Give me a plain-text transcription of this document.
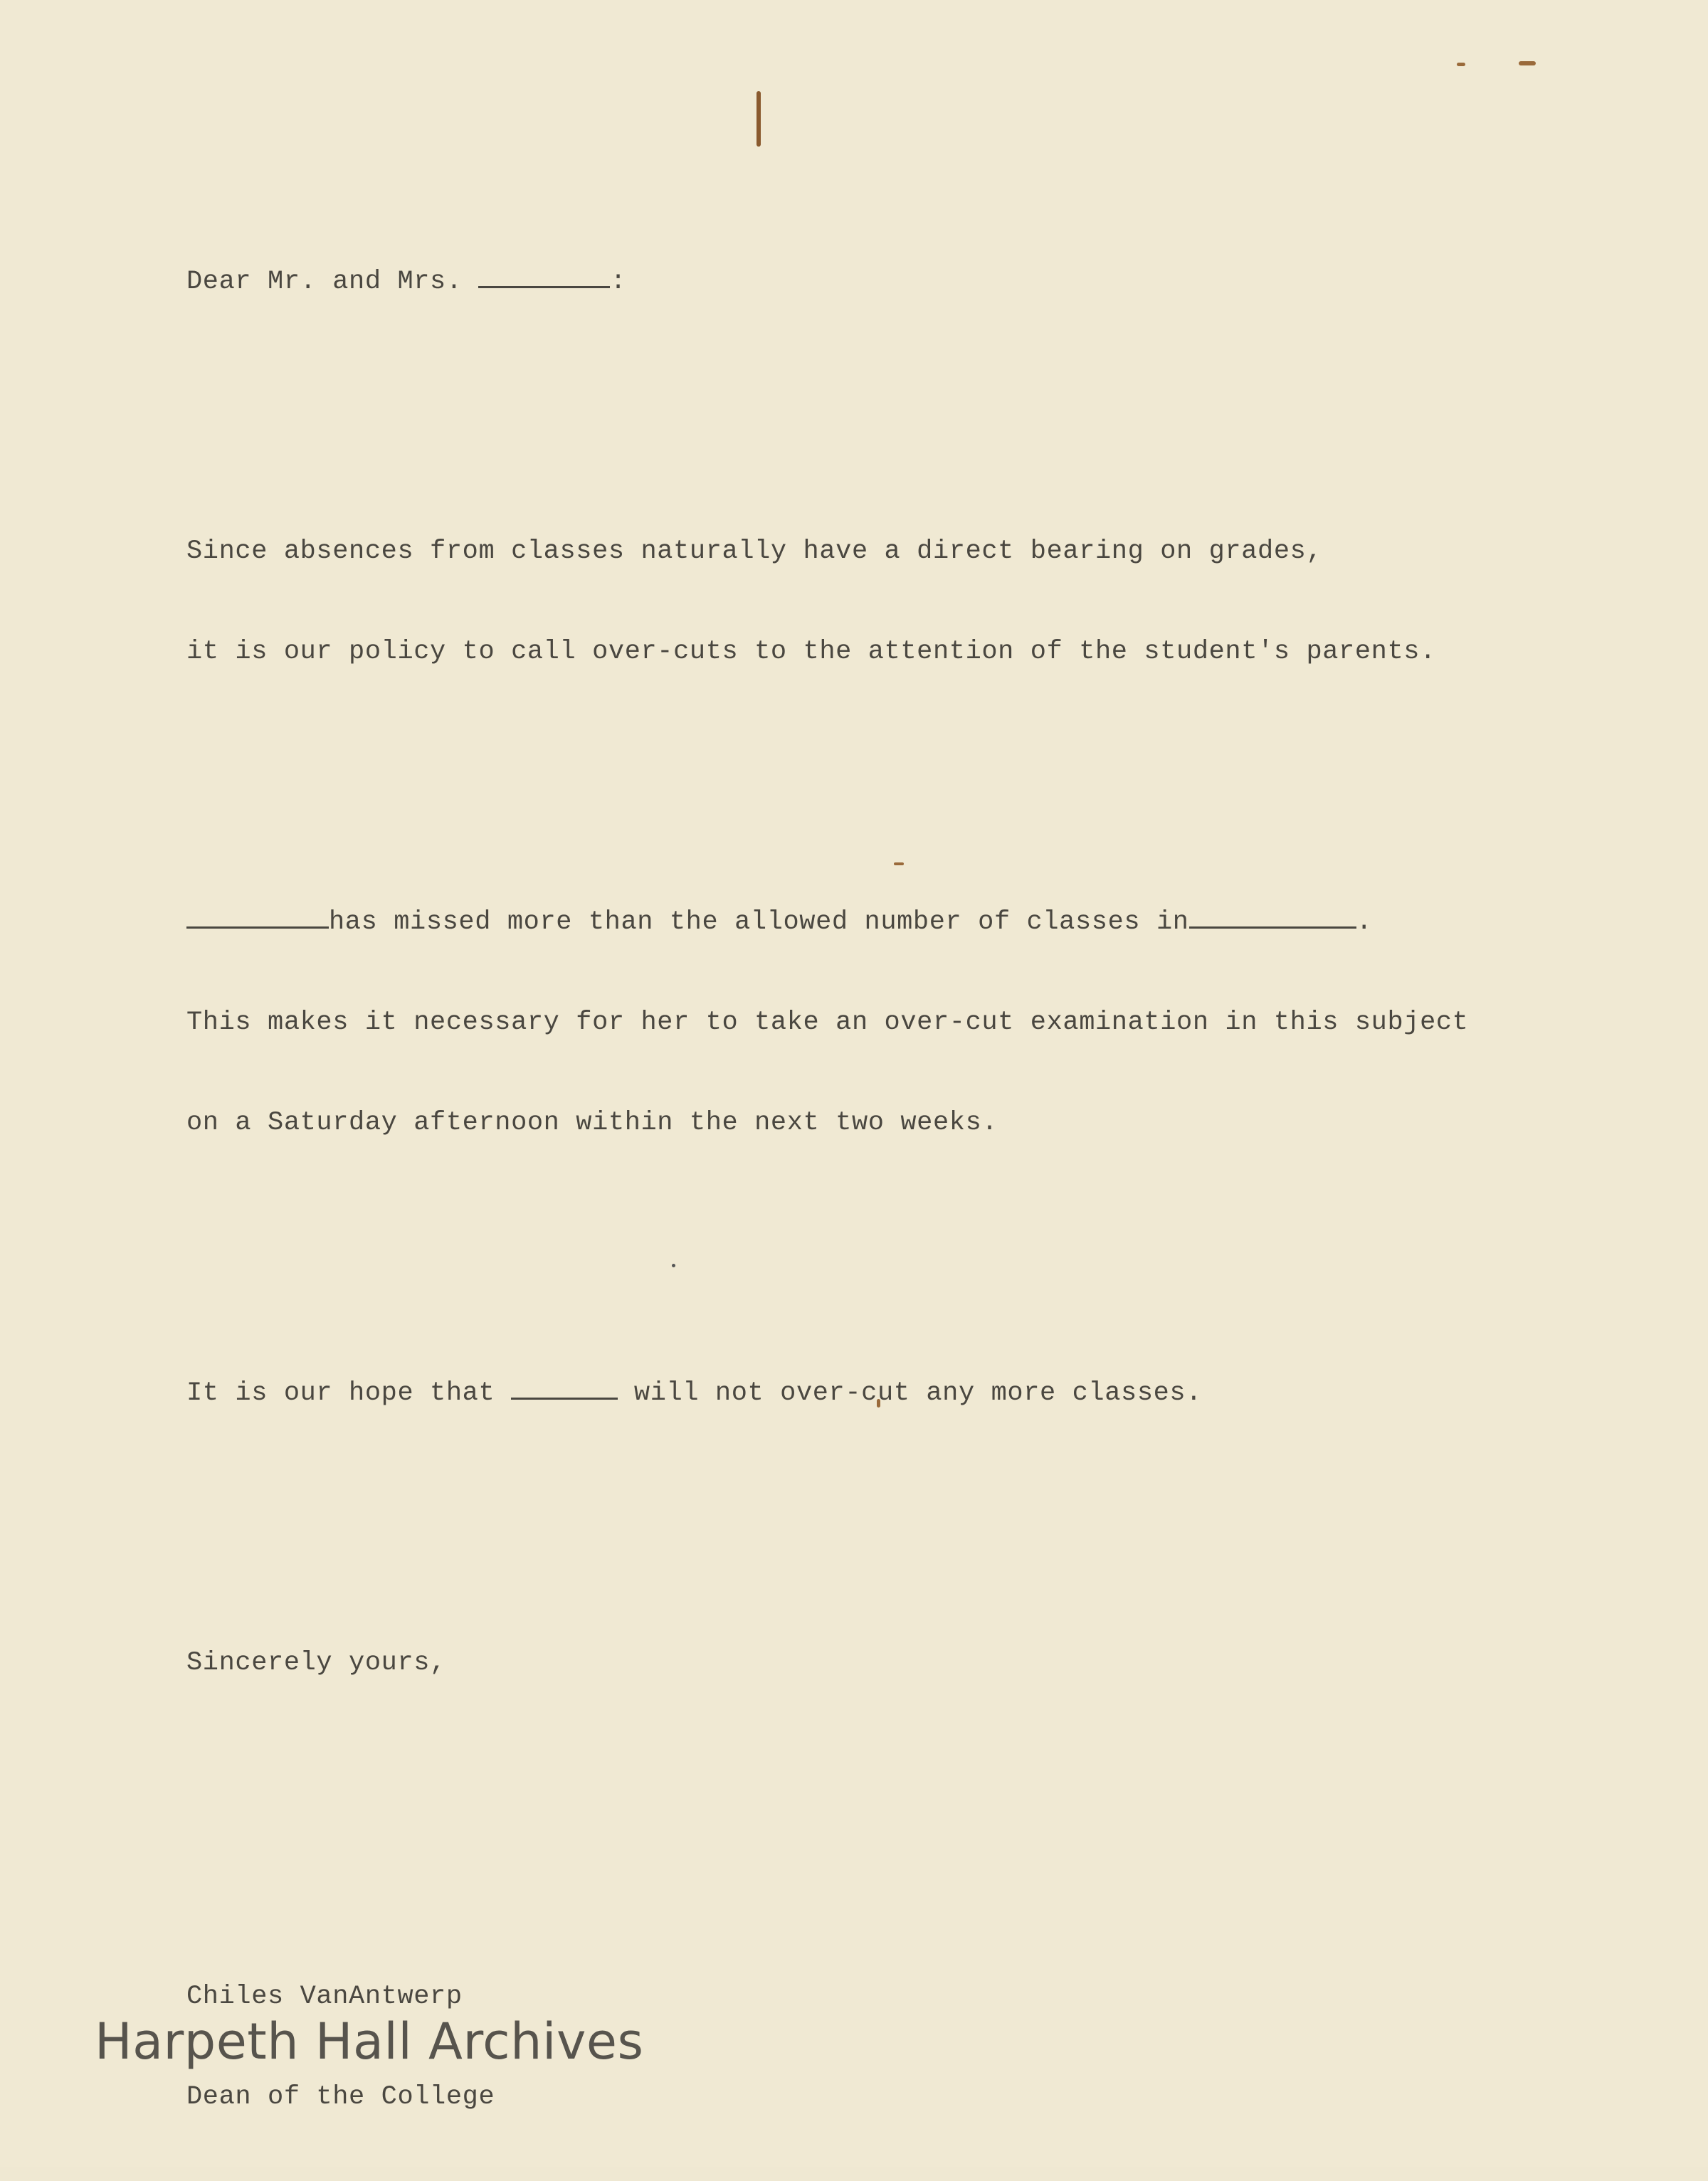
Dear Mr. and Mrs.	:

Since absences from classes naturally have a direct bearing on grades,

it is our policy to call over-cuts to the attention of the student's parents.

has missed more than the allowed number of classes in	.

This makes it necessary for her to take an over-cut examination in this subject

on a Saturday afternoon within the next two weeks.

It is our hope that	will not over-cut any more classes.

Sincerely yours,

Chiles VanAntwerp

Dean of the College

Harpeth Hall Archives
